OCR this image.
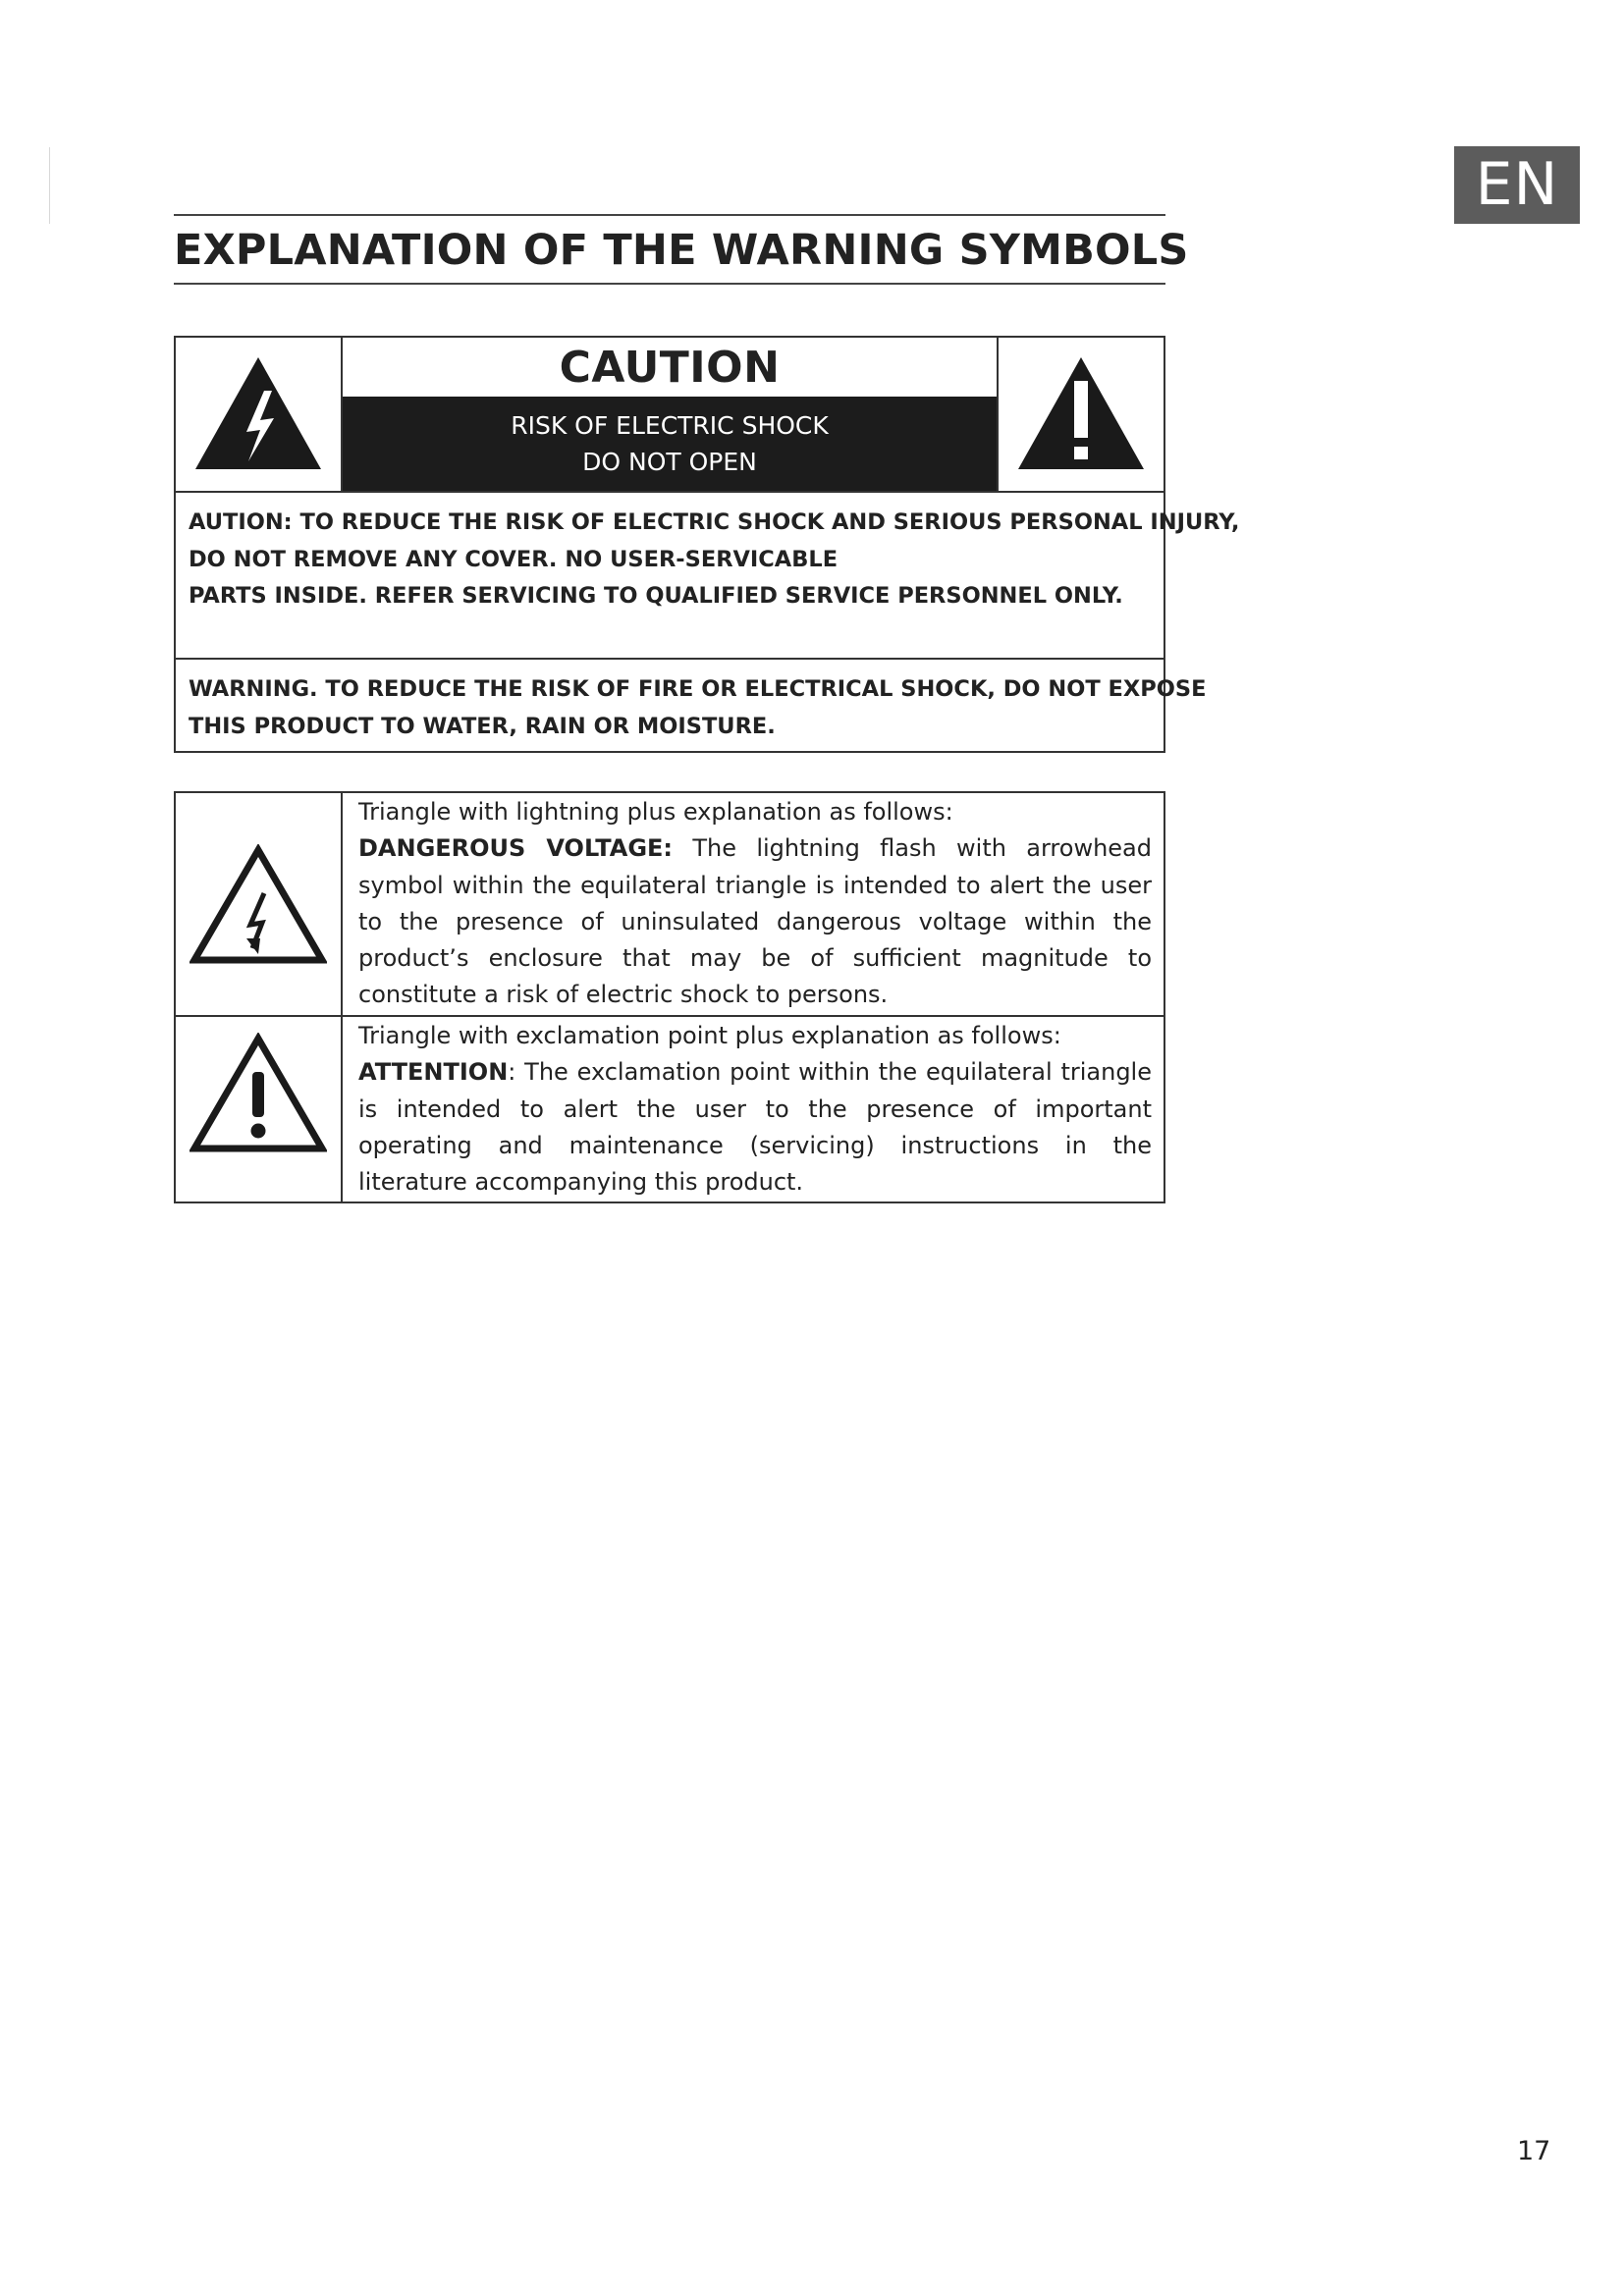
EN
EXPLANATION OF THE WARNING SYMBOLS
CAUTION
RISK OF ELECTRIC SHOCK
DO NOT OPEN
AUTION: TO REDUCE THE RISK OF ELECTRIC SHOCK AND SERIOUS PERSONAL INJURY,
DO NOT REMOVE ANY COVER. NO USER-SERVICABLE
PARTS INSIDE. REFER SERVICING TO QUALIFIED SERVICE PERSONNEL ONLY.
WARNING. TO REDUCE THE RISK OF FIRE OR ELECTRICAL SHOCK, DO NOT EXPOSE
THIS PRODUCT TO WATER, RAIN OR MOISTURE.
Triangle with lightning plus explanation as follows:
DANGEROUS VOLTAGE: The lightning flash with arrowhead symbol within the equilateral triangle is intended to alert the user to the presence of uninsulated dangerous voltage within the product’s enclosure that may be of sufficient magnitude to constitute a risk of electric shock to persons.
Triangle with exclamation point plus explanation as follows:
ATTENTION: The exclamation point within the equilateral triangle is intended to alert the user to the presence of important operating and maintenance (servicing) instructions in the literature accompanying this product.
17
